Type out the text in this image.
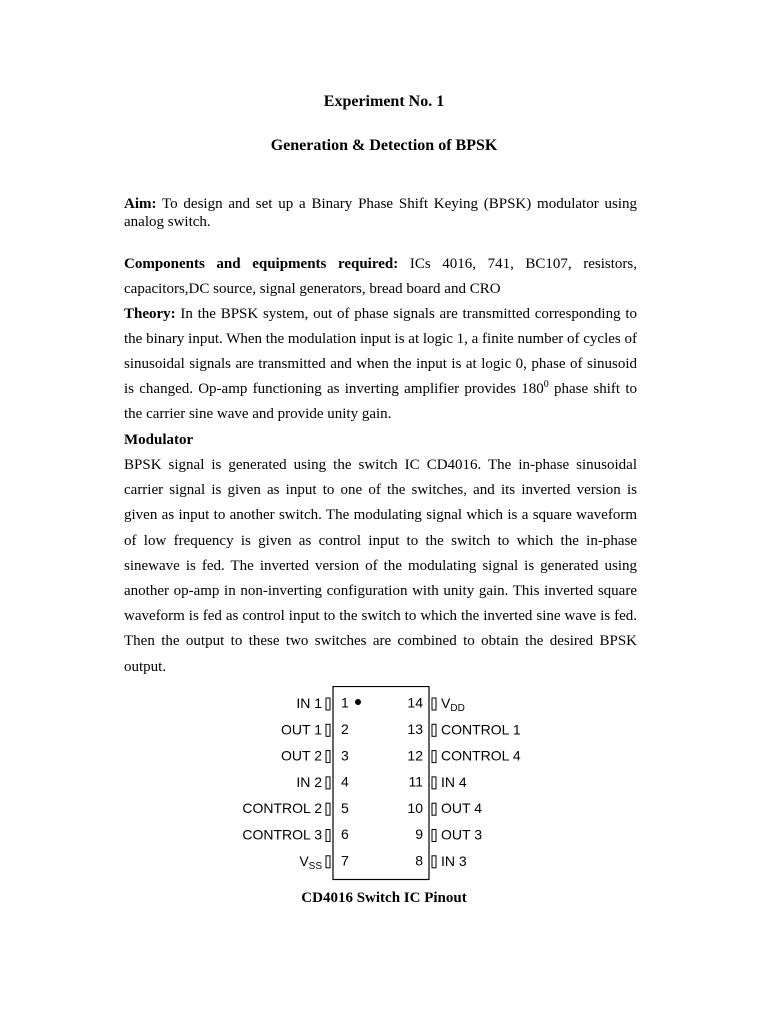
Experiment No. 1
Generation & Detection of BPSK
Aim: To design and set up a Binary Phase Shift Keying (BPSK) modulator using analog switch.
Components and equipments required: ICs 4016, 741, BC107, resistors, capacitors,DC source, signal generators, bread board and CRO
Theory: In the BPSK system, out of phase signals are transmitted corresponding to the binary input. When the modulation input is at logic 1, a finite number of cycles of sinusoidal signals are transmitted and when the input is at logic 0, phase of sinusoid is changed. Op-amp functioning as inverting amplifier provides $180^0$ phase shift to the carrier sine wave and provide unity gain.
Modulator
BPSK signal is generated using the switch IC CD4016. The in-phase sinusoidal carrier signal is given as input to one of the switches, and its inverted version is given as input to another switch. The modulating signal which is a square waveform of low frequency is given as control input to the switch to which the in-phase sinewave is fed. The inverted version of the modulating signal is generated using another op-amp in non-inverting configuration with unity gain. This inverted square waveform is fed as control input to the switch to which the inverted sine wave is fed. Then the output to these two switches are combined to obtain the desired BPSK output.
IN 1 1
OUT 1 2
OUT 2 3
IN 2 4
CONTROL 2 5
CONTROL 3 6
$V_{SS}$ 7
$V_{DD}$
14
CONTROL 1
13
CONTROL 4
12
IN 4
11
OUT 4
10
OUT 3
9
IN 3
8
CD4016 Switch IC Pinout
